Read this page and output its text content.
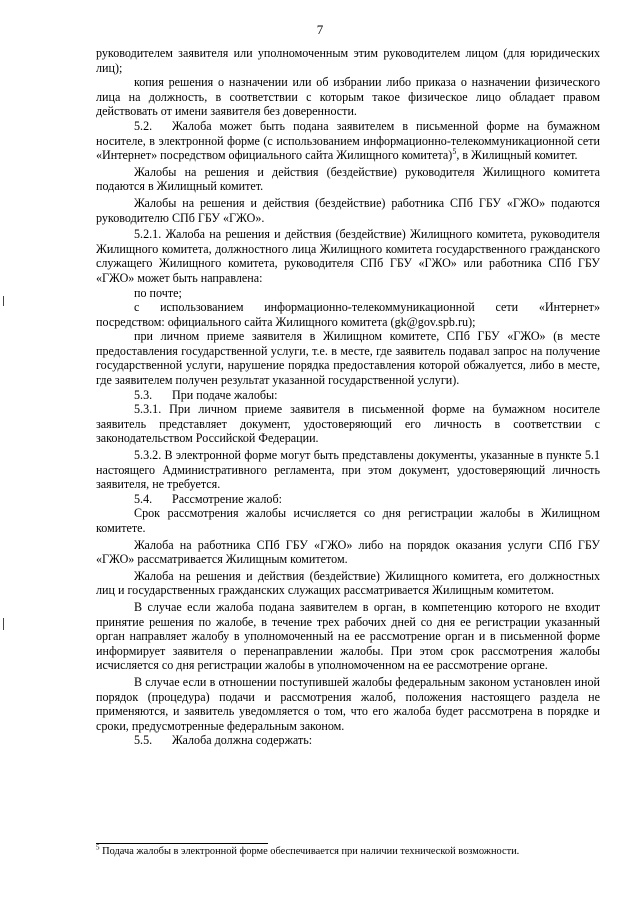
7

руководителем заявителя или уполномоченным этим руководителем лицом (для юридических лиц);

копия решения о назначении или об избрании либо приказа о назначении физического лица на должность, в соответствии с которым такое физическое лицо обладает правом действовать от имени заявителя без доверенности.

5.2. Жалоба может быть подана заявителем в письменной форме на бумажном носителе, в электронной форме (с использованием информационно-телекоммуникационной сети «Интернет» посредством официального сайта Жилищного комитета)$^5$, в Жилищный комитет.

Жалобы на решения и действия (бездействие) руководителя Жилищного комитета подаются в Жилищный комитет.

Жалобы на решения и действия (бездействие) работника СПб ГБУ «ГЖО» подаются руководителю СПб ГБУ «ГЖО».

5.2.1. Жалоба на решения и действия (бездействие) Жилищного комитета, руководителя Жилищного комитета, должностного лица Жилищного комитета государственного гражданского служащего Жилищного комитета, руководителя СПб ГБУ «ГЖО» или работника СПб ГБУ «ГЖО» может быть направлена:

по почте;

с использованием информационно-телекоммуникационной сети «Интернет» посредством: официального сайта Жилищного комитета (gk@gov.spb.ru);

при личном приеме заявителя в Жилищном комитете, СПб ГБУ «ГЖО» (в месте предоставления государственной услуги, т.е. в месте, где заявитель подавал запрос на получение государственной услуги, нарушение порядка предоставления которой обжалуется, либо в месте, где заявителем получен результат указанной государственной услуги).

5.3. При подаче жалобы:

5.3.1. При личном приеме заявителя в письменной форме на бумажном носителе заявитель представляет документ, удостоверяющий его личность в соответствии с законодательством Российской Федерации.

5.3.2. В электронной форме могут быть представлены документы, указанные в пункте 5.1 настоящего Административного регламента, при этом документ, удостоверяющий личность заявителя, не требуется.

5.4. Рассмотрение жалоб:

Срок рассмотрения жалобы исчисляется со дня регистрации жалобы в Жилищном комитете.

Жалоба на работника СПб ГБУ «ГЖО» либо на порядок оказания услуги СПб ГБУ «ГЖО» рассматривается Жилищным комитетом.

Жалоба на решения и действия (бездействие) Жилищного комитета, его должностных лиц и государственных гражданских служащих рассматривается Жилищным комитетом.

В случае если жалоба подана заявителем в орган, в компетенцию которого не входит принятие решения по жалобе, в течение трех рабочих дней со дня ее регистрации указанный орган направляет жалобу в уполномоченный на ее рассмотрение орган и в письменной форме информирует заявителя о перенаправлении жалобы. При этом срок рассмотрения жалобы исчисляется со дня регистрации жалобы в уполномоченном на ее рассмотрение органе.

В случае если в отношении поступившей жалобы федеральным законом установлен иной порядок (процедура) подачи и рассмотрения жалоб, положения настоящего раздела не применяются, и заявитель уведомляется о том, что его жалоба будет рассмотрена в порядке и сроки, предусмотренные федеральным законом.

5.5. Жалоба должна содержать:

$^5$ Подача жалобы в электронной форме обеспечивается при наличии технической возможности.
